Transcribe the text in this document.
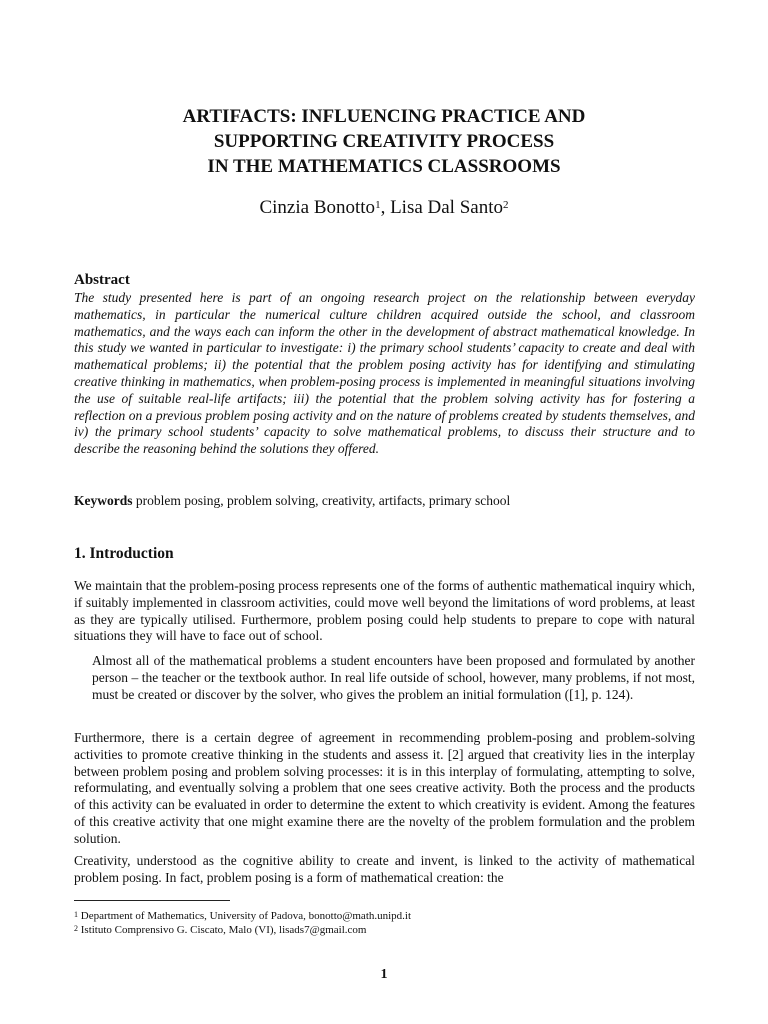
ARTIFACTS: INFLUENCING PRACTICE AND
SUPPORTING CREATIVITY PROCESS
IN THE MATHEMATICS CLASSROOMS
Cinzia Bonotto$^1$, Lisa Dal Santo$^2$
Abstract
The study presented here is part of an ongoing research project on the relationship between everyday mathematics, in particular the numerical culture children acquired outside the school, and classroom mathematics, and the ways each can inform the other in the development of abstract mathematical knowledge. In this study we wanted in particular to investigate: i) the primary school students’ capacity to create and deal with mathematical problems; ii) the potential that the problem posing activity has for identifying and stimulating creative thinking in mathematics, when problem-posing process is implemented in meaningful situations involving the use of suitable real-life artifacts; iii) the potential that the problem solving activity has for fostering a reflection on a previous problem posing activity and on the nature of problems created by students themselves, and iv) the primary school students’ capacity to solve mathematical problems, to discuss their structure and to describe the reasoning behind the solutions they offered.
Keywords problem posing, problem solving, creativity, artifacts, primary school
1. Introduction
We maintain that the problem-posing process represents one of the forms of authentic mathematical inquiry which, if suitably implemented in classroom activities, could move well beyond the limitations of word problems, at least as they are typically utilised. Furthermore, problem posing could help students to prepare to cope with natural situations they will have to face out of school.
Almost all of the mathematical problems a student encounters have been proposed and formulated by another person – the teacher or the textbook author. In real life outside of school, however, many problems, if not most, must be created or discover by the solver, who gives the problem an initial formulation ([1], p. 124).
Furthermore, there is a certain degree of agreement in recommending problem-posing and problem-solving activities to promote creative thinking in the students and assess it. [2] argued that creativity lies in the interplay between problem posing and problem solving processes: it is in this interplay of formulating, attempting to solve, reformulating, and eventually solving a problem that one sees creative activity. Both the process and the products of this activity can be evaluated in order to determine the extent to which creativity is evident. Among the features of this creative activity that one might examine there are the novelty of the problem formulation and the problem solution.
Creativity, understood as the cognitive ability to create and invent, is linked to the activity of mathematical problem posing. In fact, problem posing is a form of mathematical creation: the
$^1$ Department of Mathematics, University of Padova, bonotto@math.unipd.it
$^2$ Istituto Comprensivo G. Ciscato, Malo (VI), lisads7@gmail.com
1
